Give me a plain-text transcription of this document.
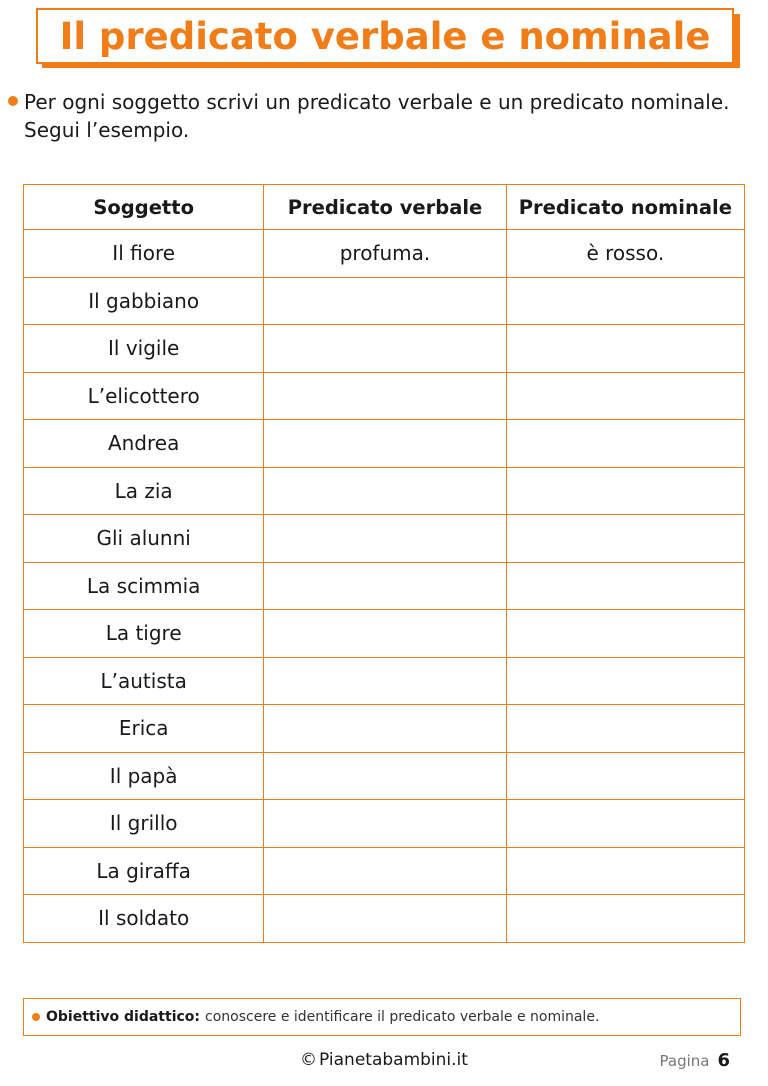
Il predicato verbale e nominale
Per ogni soggetto scrivi un predicato verbale e un predicato nominale. Segui l’esempio.
Soggetto	Predicato verbale	Predicato nominale
Il fiore	profuma.	è rosso.
Il gabbiano		
Il vigile		
L’elicottero		
Andrea		
La zia		
Gli alunni		
La scimmia		
La tigre		
L’autista		
Erica		
Il papà		
Il grillo		
La giraffa		
Il soldato		
Obiettivo didattico: conoscere e identificare il predicato verbale e nominale.
© Pianetabambini.it	Pagina 6
